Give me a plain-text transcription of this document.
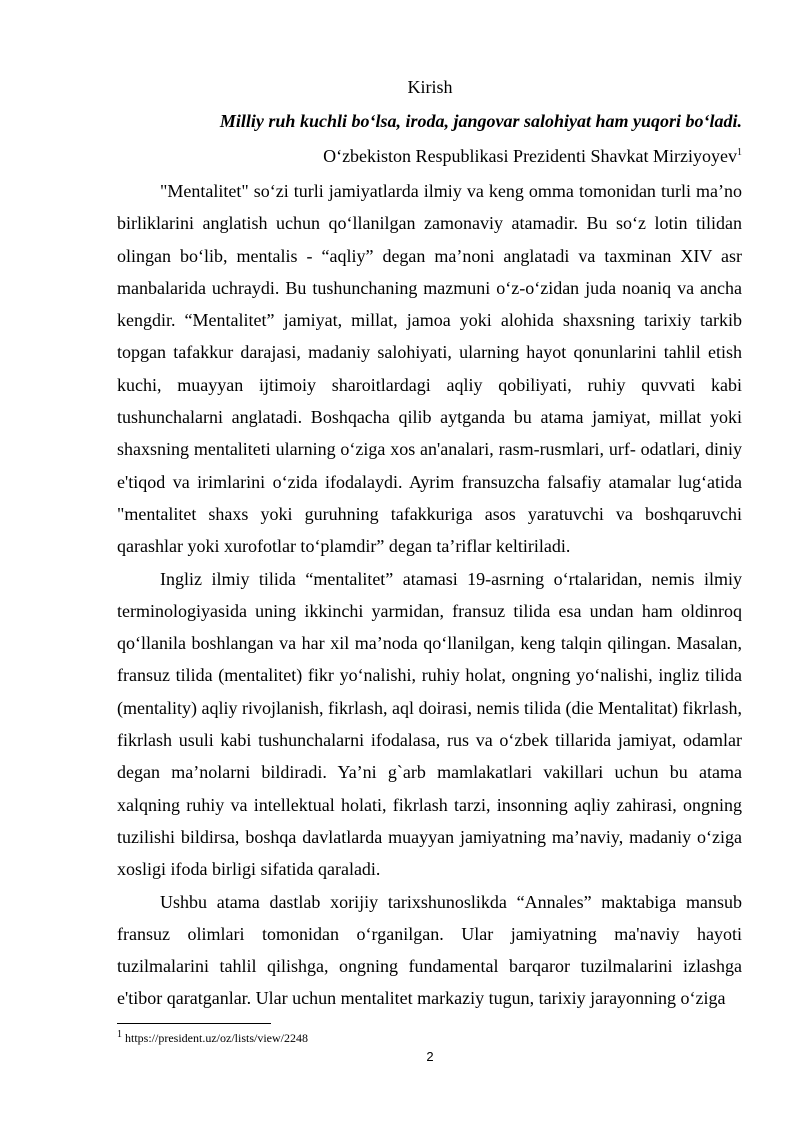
Kirish
Milliy ruh kuchli bo‘lsa, iroda, jangovar salohiyat ham yuqori bo‘ladi.
O‘zbekiston Respublikasi Prezidenti Shavkat Mirziyoyev$^1$

"Mentalitet" so‘zi turli jamiyatlarda ilmiy va keng omma tomonidan turli ma’no birliklarini anglatish uchun qo‘llanilgan zamonaviy atamadir. Bu so‘z lotin tilidan olingan bo‘lib, mentalis - “aqliy” degan ma’noni anglatadi va taxminan XIV asr manbalarida uchraydi. Bu tushunchaning mazmuni o‘z-o‘zidan juda noaniq va ancha kengdir. “Mentalitet” jamiyat, millat, jamoa yoki alohida shaxsning tarixiy tarkib topgan tafakkur darajasi, madaniy salohiyati, ularning hayot qonunlarini tahlil etish kuchi, muayyan ijtimoiy sharoitlardagi aqliy qobiliyati, ruhiy quvvati kabi tushunchalarni anglatadi. Boshqacha qilib aytganda bu atama jamiyat, millat yoki shaxsning mentaliteti ularning o‘ziga xos an'analari, rasm-rusmlari, urf- odatlari, diniy e'tiqod va irimlarini o‘zida ifodalaydi. Ayrim fransuzcha falsafiy atamalar lug‘atida "mentalitet shaxs yoki guruhning tafakkuriga asos yaratuvchi va boshqaruvchi qarashlar yoki xurofotlar to‘plamdir” degan ta’riflar keltiriladi.

Ingliz ilmiy tilida “mentalitet” atamasi 19-asrning o‘rtalaridan, nemis ilmiy terminologiyasida uning ikkinchi yarmidan, fransuz tilida esa undan ham oldinroq qo‘llanila boshlangan va har xil ma’noda qo‘llanilgan, keng talqin qilingan. Masalan, fransuz tilida (mentalitet) fikr yo‘nalishi, ruhiy holat, ongning yo‘nalishi, ingliz tilida (mentality) aqliy rivojlanish, fikrlash, aql doirasi, nemis tilida (die Mentalitat) fikrlash, fikrlash usuli kabi tushunchalarni ifodalasa, rus va o‘zbek tillarida jamiyat, odamlar degan ma’nolarni bildiradi. Ya’ni g`arb mamlakatlari vakillari uchun bu atama xalqning ruhiy va intellektual holati, fikrlash tarzi, insonning aqliy zahirasi, ongning tuzilishi bildirsa, boshqa davlatlarda muayyan jamiyatning ma’naviy, madaniy o‘ziga xosligi ifoda birligi sifatida qaraladi.

Ushbu atama dastlab xorijiy tarixshunoslikda “Annales” maktabiga mansub fransuz olimlari tomonidan o‘rganilgan. Ular jamiyatning ma'naviy hayoti tuzilmalarini tahlil qilishga, ongning fundamental barqaror tuzilmalarini izlashga e'tibor qaratganlar. Ular uchun mentalitet markaziy tugun, tarixiy jarayonning o‘ziga

$^1$ https://president.uz/oz/lists/view/2248
2
